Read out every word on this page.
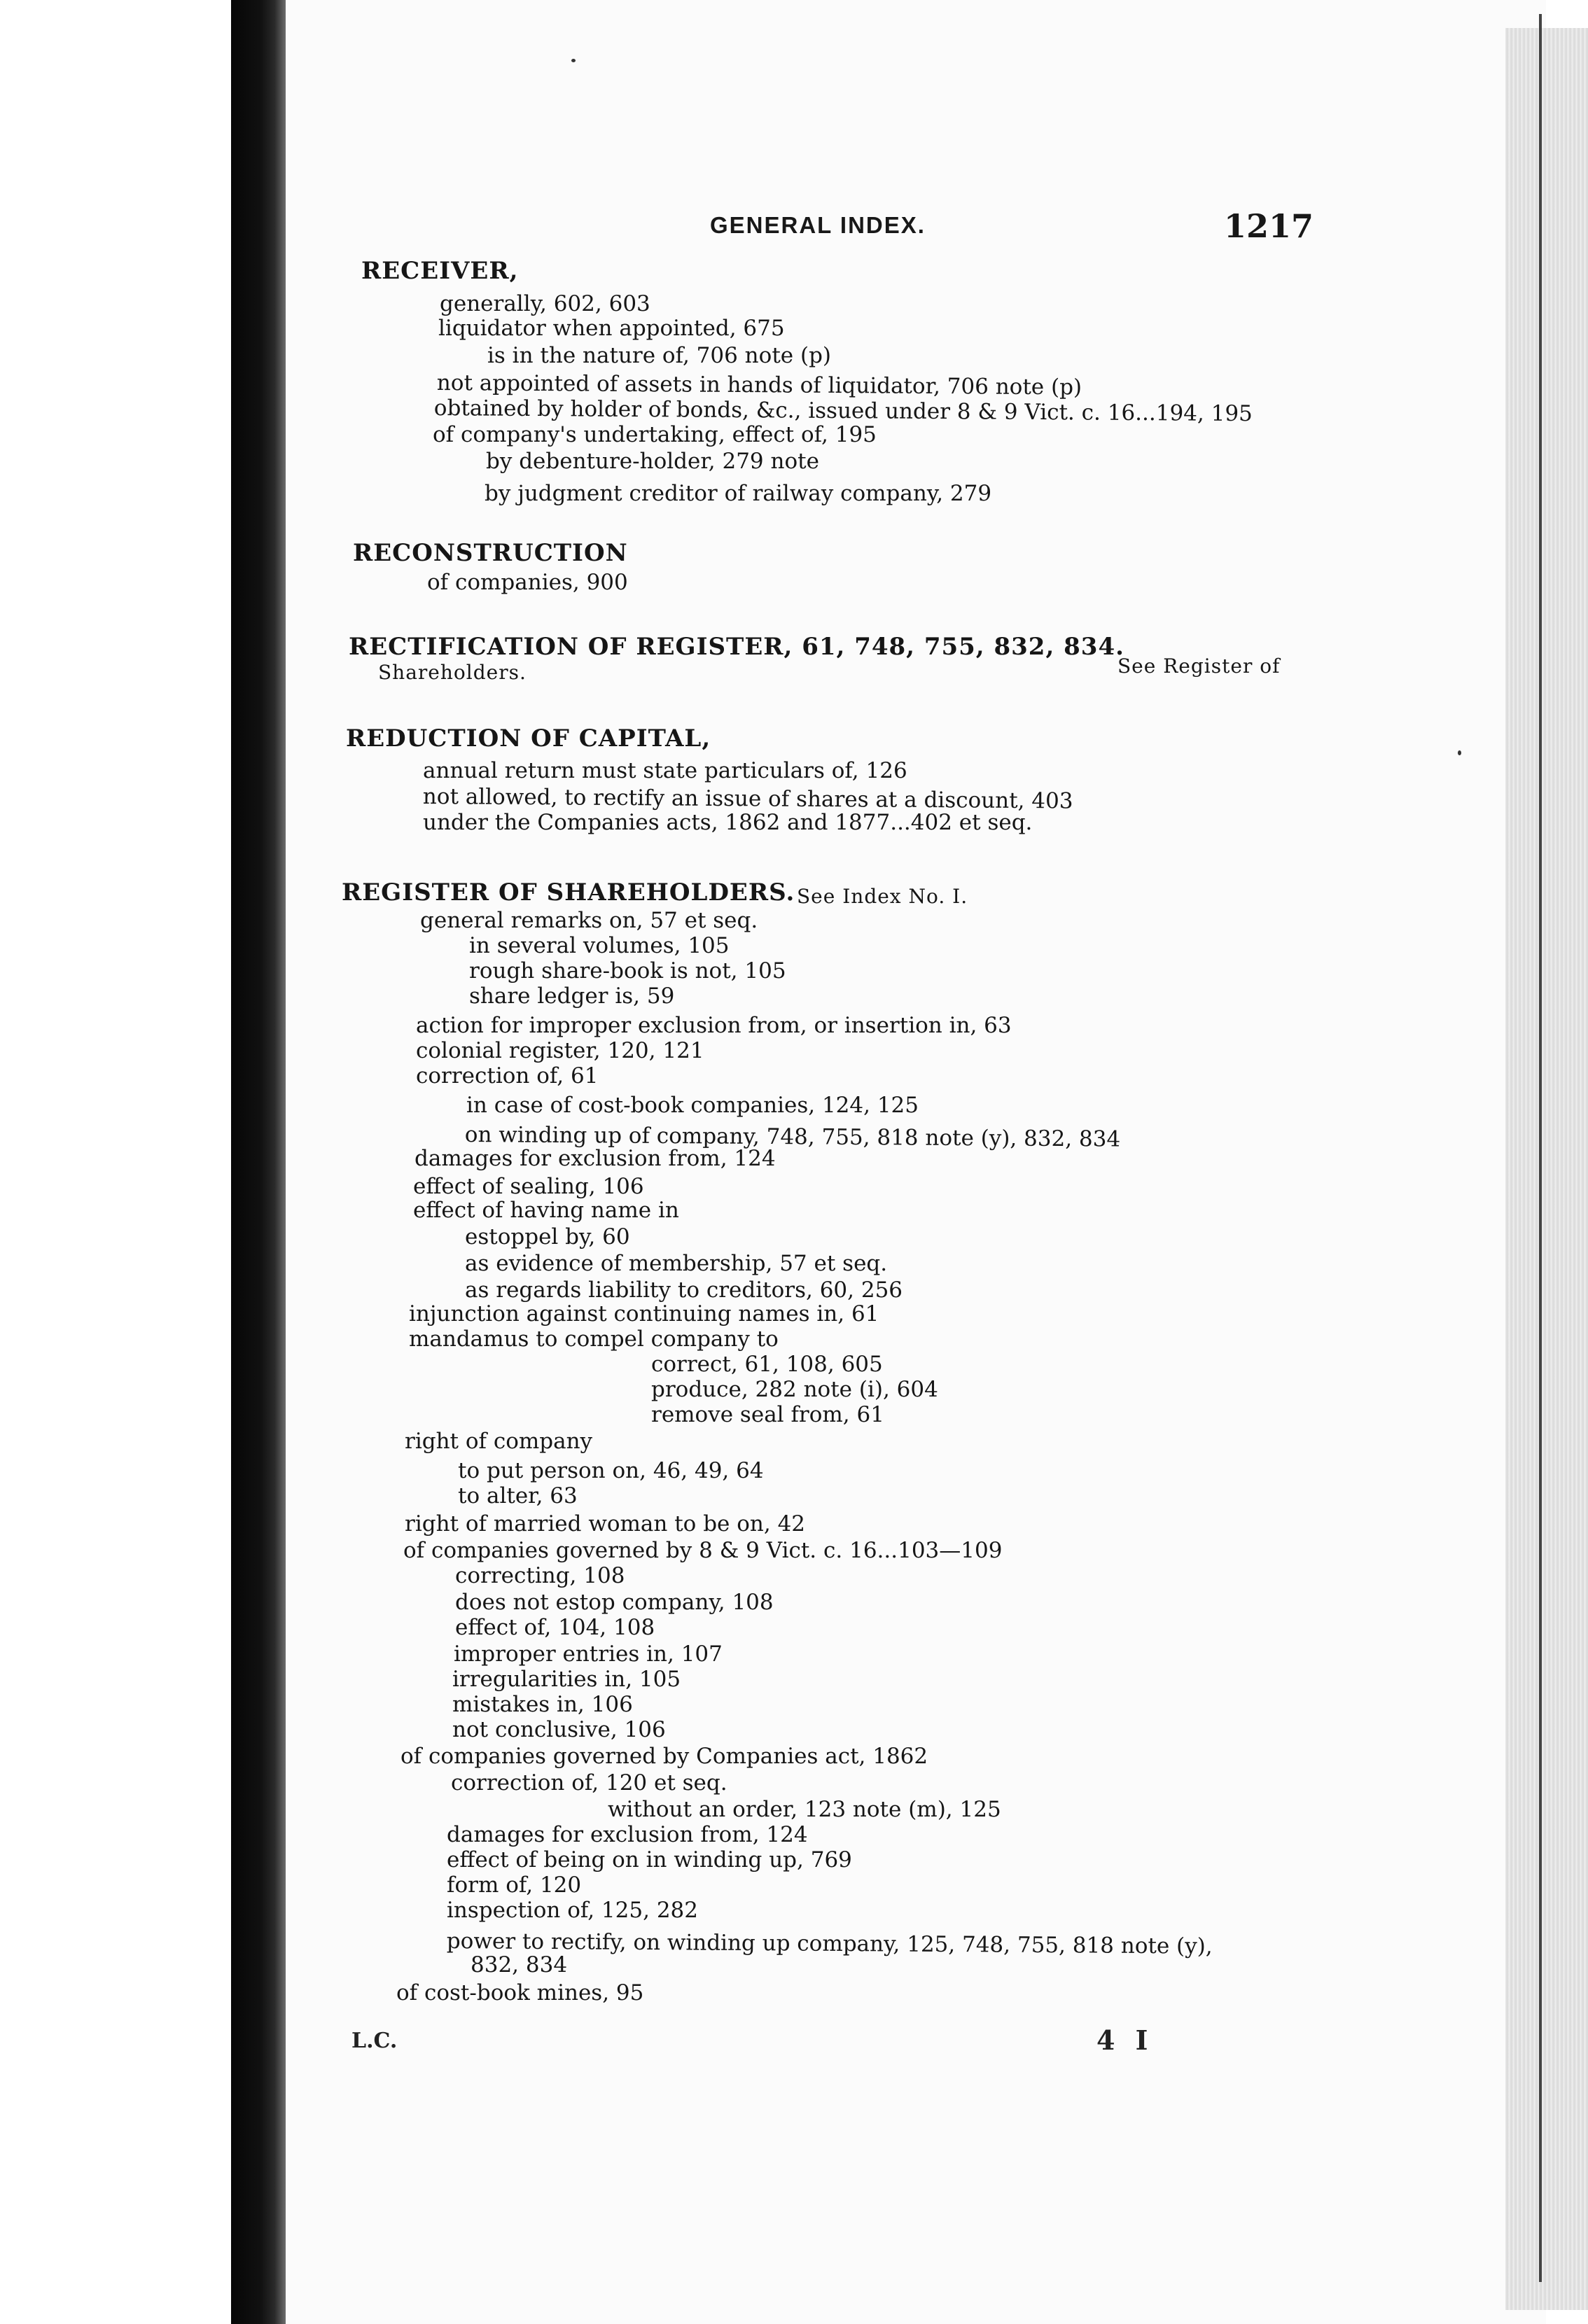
GENERAL INDEX.	1217
RECEIVER,
generally, 602, 603
liquidator when appointed, 675
is in the nature of, 706 note (p)
not appointed of assets in hands of liquidator, 706 note (p)
obtained by holder of bonds, &c., issued under 8 & 9 Vict. c. 16...194, 195
of company's undertaking, effect of, 195
by debenture-holder, 279 note
by judgment creditor of railway company, 279
RECONSTRUCTION
of companies, 900
RECTIFICATION OF REGISTER, 61, 748, 755, 832, 834.
See Register of
Shareholders.
REDUCTION OF CAPITAL,
annual return must state particulars of, 126
not allowed, to rectify an issue of shares at a discount, 403
under the Companies acts, 1862 and 1877...402 et seq.
REGISTER OF SHAREHOLDERS. See Index No. I.
general remarks on, 57 et seq.
in several volumes, 105
rough share-book is not, 105
share ledger is, 59
action for improper exclusion from, or insertion in, 63
colonial register, 120, 121
correction of, 61
in case of cost-book companies, 124, 125
on winding up of company, 748, 755, 818 note (y), 832, 834
damages for exclusion from, 124
effect of sealing, 106
effect of having name in
estoppel by, 60
as evidence of membership, 57 et seq.
as regards liability to creditors, 60, 256
injunction against continuing names in, 61
mandamus to compel company to
correct, 61, 108, 605
produce, 282 note (i), 604
remove seal from, 61
right of company
to put person on, 46, 49, 64
to alter, 63
right of married woman to be on, 42
of companies governed by 8 & 9 Vict. c. 16...103—109
correcting, 108
does not estop company, 108
effect of, 104, 108
improper entries in, 107
irregularities in, 105
mistakes in, 106
not conclusive, 106
of companies governed by Companies act, 1862
correction of, 120 et seq.
without an order, 123 note (m), 125
damages for exclusion from, 124
effect of being on in winding up, 769
form of, 120
inspection of, 125, 282
power to rectify, on winding up company, 125, 748, 755, 818 note (y),
832, 834
of cost-book mines, 95
L.C.	4 I
